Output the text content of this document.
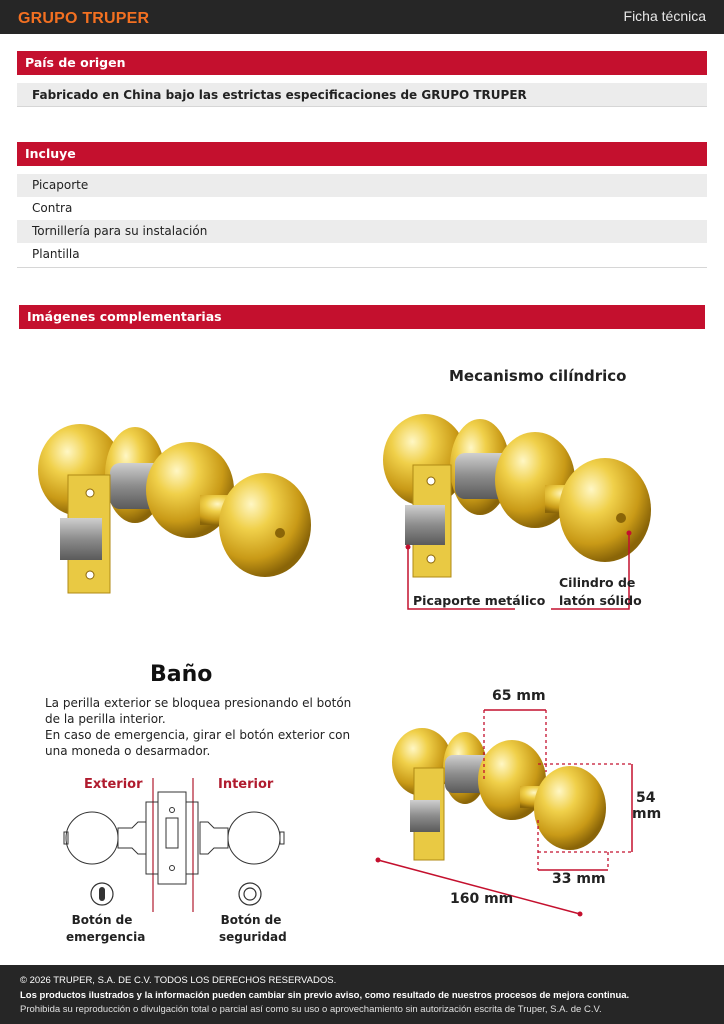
GRUPO TRUPER	Ficha técnica
País de origen
Fabricado en China bajo las estrictas especificaciones de GRUPO TRUPER
Incluye
Picaporte
Contra
Tornillería para su instalación
Plantilla
Imágenes complementarias
Mecanismo cilíndrico
Picaporte metálico
Cilindro de
latón sólido
Baño
La perilla exterior se bloquea presionando el botón
de la perilla interior.
En caso de emergencia, girar el botón exterior con
una moneda o desarmador.
Exterior	Interior
Botón de
emergencia
Botón de
seguridad
65 mm
54
mm
33 mm
160 mm
© 2026 TRUPER, S.A. DE C.V. TODOS LOS DERECHOS RESERVADOS.
Los productos ilustrados y la información pueden cambiar sin previo aviso, como resultado de nuestros procesos de mejora continua.
Prohibida su reproducción o divulgación total o parcial así como su uso o aprovechamiento sin autorización escrita de Truper, S.A. de C.V.
